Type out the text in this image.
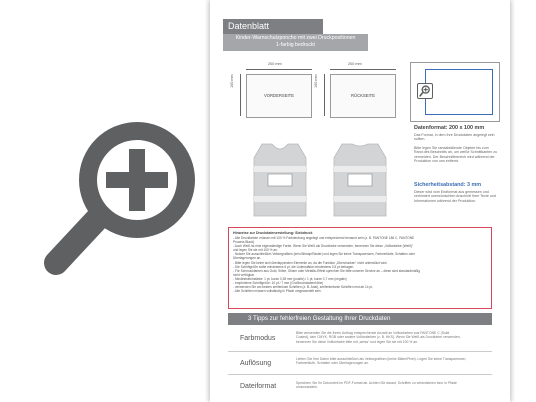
Datenblatt
Kinder-Warnschutzponcho mit zwei Druckpositionen
1-farbig bedruckt
200 mm
100 mm
VORDERSEITE
200 mm
100 mm
RÜCKSEITE
Datenformat: 200 x 100 mm
Das Format, in dem Ihre Druckdaten angelegt sein sollten.
Bitte legen Sie randabfallende Objekte bis zum Rand des Beschnitts an, um weiße Schnittkanten zu vermeiden. Der Beschnittbereich wird während der Produktion von uns entfernt.
Sicherheitsabstand: 3 mm
Dieser wird vom Endformat aus gemessen und verhindert unerwünschten Anschnitt Ihrer Texte und Informationen während der Produktion.
Hinweise zur Druckdatenerstellung: Siebdruck
- Alle Druckfarben müssen mit 100 % Farbdeckung angelegt und entsprechend benannt sein (z. B. PANTONE 186 C, PANTONE
Process Black)
- Auch Weiß ist eine eigenständige Farbe. Wenn Sie Weiß als Druckfarbe verwenden, benennen Sie diese „Volltonfarbe (Weiß)“
und legen Sie sie mit 100 % an.
- Nutzen Sie ausschließlich Vektorgrafiken (kein Bitmap/Raster) und legen Sie keine Transparenzen, Farbverläufe, Schatten oder
Überlagerungen an.
- Bitte legen Sie keine sich überlappenden Elemente an, da die Funktion „Überdrucken“ nicht unterstützt wird.
- Die Schriftgröße sollte mindestens 6 pt, die Linienstärke mindestens 0,5 pt betragen.
- Für Schmuckfarben aus Gold, Silber, Glitzer oder Metallic-Effekt sprechen Sie bitte unseren Service an – diese sind standardmäßig
nicht verfügbar.
- Mindeststrichstärke: 1 pt, kurze 0,35 mm (positiv) / 1 pt, kurze 0,7 mm (negativ)
- empfohlene Schriftgröße: 10 pt / 7 mm (Großbuchstabenhöhe)
- verwenden Sie am besten serifenlose Schriften (z. B. Arial), serifenbetonte Schriften erst ab 14 pt.
- Alle Schriften müssen vollständig in Pfade umgewandelt sein.
3 Tipps zur fehlerfreien Gestaltung Ihrer Druckdaten
Farbmodus
Bitte verwenden Sie die Ihrem Auftrag entsprechende Anzahl an Volltonfarben aus PANTONE C (Solid
Coated), kein CMYK, RGB oder andere Volltonfarben (z. B. HKS). Wenn Sie Weiß als Druckfarbe verwenden,
benennen Sie diese Volltonfarbe bitte mit „weiss“ und legen Sie sie mit 100 % an.
Auflösung
Liefern Sie Ihre Daten bitte ausschließlich als Vektorgrafiken (keine Bilder/Pixel). Legen Sie keine Transparenzen,
Farbverläufe, Schatten oder Überlagerungen an.
Dateiformat	Speichern Sie Ihr Dokument im PDF-Format ab. Achten Sie darauf, Schriften zu vektorisieren bzw. in Pfade
umzuwandeln.
